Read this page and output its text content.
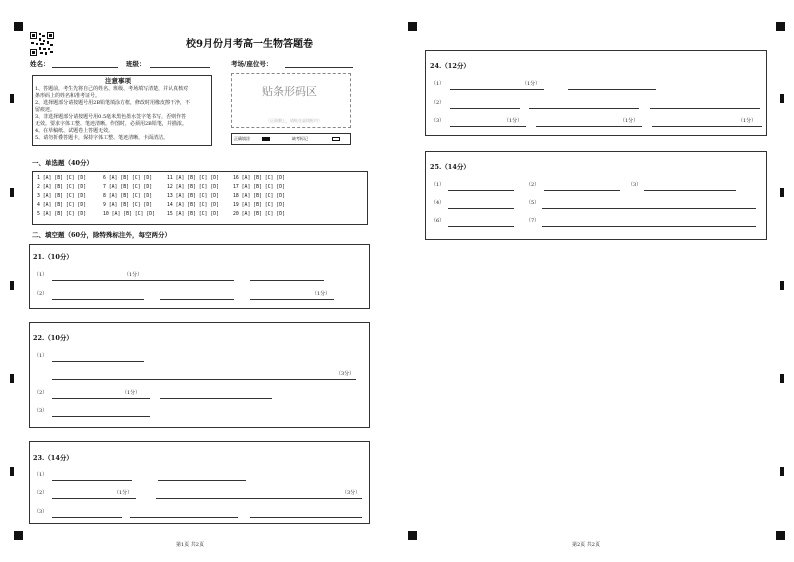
校9月份月考高一生物答题卷
姓名：	班级：	考场/座位号：
注意事项
1、答题前，考生先将自己的姓名、班级、考场填写清楚，并认真核对
条形码上的姓名和准考证号。
2、选择题部分请按题号用2B铅笔填涂方框，修改时用橡皮擦干净，不
留痕迹。
3、非选择题部分请按题号用0.5毫米黑色墨水签字笔书写，否则作答
无效。要求字体工整、笔迹清晰。作图时，必须用2B铅笔，并描浓。
4、在草稿纸、试题卷上答题无效。
5、请勿折叠答题卡，保持字体工整、笔迹清晰、卡面清洁。
贴条形码区
（正面朝上，请贴在虚线框内）
正确填涂	缺考标记
一、单选题（40分）
1 [A] [B] [C] [D]
2 [A] [B] [C] [D]
3 [A] [B] [C] [D]
4 [A] [B] [C] [D]
5 [A] [B] [C] [D]
6 [A] [B] [C] [D]
7 [A] [B] [C] [D]
8 [A] [B] [C] [D]
9 [A] [B] [C] [D]
10 [A] [B] [C] [D]
11 [A] [B] [C] [D]
12 [A] [B] [C] [D]
13 [A] [B] [C] [D]
14 [A] [B] [C] [D]
15 [A] [B] [C] [D]
16 [A] [B] [C] [D]
17 [A] [B] [C] [D]
18 [A] [B] [C] [D]
19 [A] [B] [C] [D]
20 [A] [B] [C] [D]
二、填空题（60分，除特殊标注外，每空两分）
21.（10分）
（1）	（1分）
（2）	（1分）
22.（10分）
（1）
（3分）
（2）	（1分）
（3）
23.（14分）
（1）
（2）	（1分）	（3分）
（3）
第1页 共2页
24.（12分）
（1）	（1分）
（2）
（3）	（1分）	（1分）	（1分）
25.（14分）
（1）	（2）	（3）
（4）	（5）
（6）	（7）
第2页 共2页
